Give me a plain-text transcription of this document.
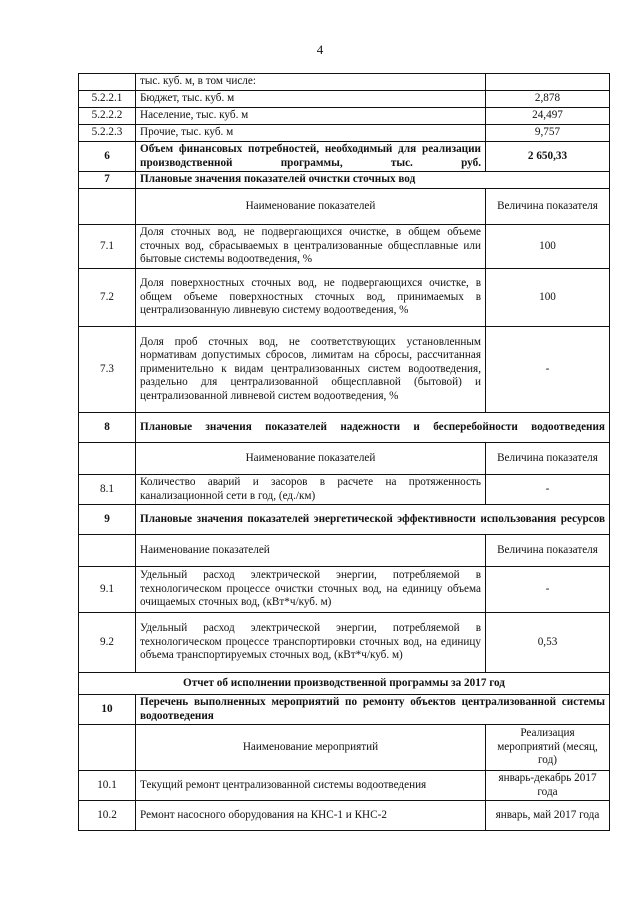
4
	тыс. куб. м, в том числе:	
5.2.2.1	Бюджет, тыс. куб. м	2,878
5.2.2.2	Население, тыс. куб. м	24,497
5.2.2.3	Прочие, тыс. куб. м	9,757
6	Объем финансовых потребностей, необходимый для реализации производственной программы, тыс. руб.	2 650,33
7	Плановые значения показателей очистки сточных вод	
	Наименование показателей	Величина показателя
7.1	Доля сточных вод, не подвергающихся очистке, в общем объеме сточных вод, сбрасываемых в централизованные общесплавные или бытовые системы водоотведения, %	100
7.2	Доля поверхностных сточных вод, не подвергающихся очистке, в общем объеме поверхностных сточных вод, принимаемых в централизованную ливневую систему водоотведения, %	100
7.3	Доля проб сточных вод, не соответствующих установленным нормативам допустимых сбросов, лимитам на сбросы, рассчитанная применительно к видам централизованных систем водоотведения, раздельно для централизованной общесплавной (бытовой) и централизованной ливневой систем водоотведения, %	-
8	Плановые значения показателей надежности и бесперебойности водоотведения	
	Наименование показателей	Величина показателя
8.1	Количество аварий и засоров в расчете на протяженность канализационной сети в год, (ед./км)	-
9	Плановые значения показателей энергетической эффективности использования ресурсов	
	Наименование показателей	Величина показателя
9.1	Удельный расход электрической энергии, потребляемой в технологическом процессе очистки сточных вод, на единицу объема очищаемых сточных вод, (кВт*ч/куб. м)	-
9.2	Удельный расход электрической энергии, потребляемой в технологическом процессе транспортировки сточных вод, на единицу объема транспортируемых сточных вод, (кВт*ч/куб. м)	0,53
Отчет об исполнении производственной программы за 2017 год		
10	Перечень выполненных мероприятий по ремонту объектов централизованной системы водоотведения	
	Наименование мероприятий	Реализация мероприятий (месяц, год)
10.1	Текущий ремонт централизованной системы водоотведения	январь-декабрь 2017 года
10.2	Ремонт насосного оборудования на КНС-1 и КНС-2	январь, май 2017 года
